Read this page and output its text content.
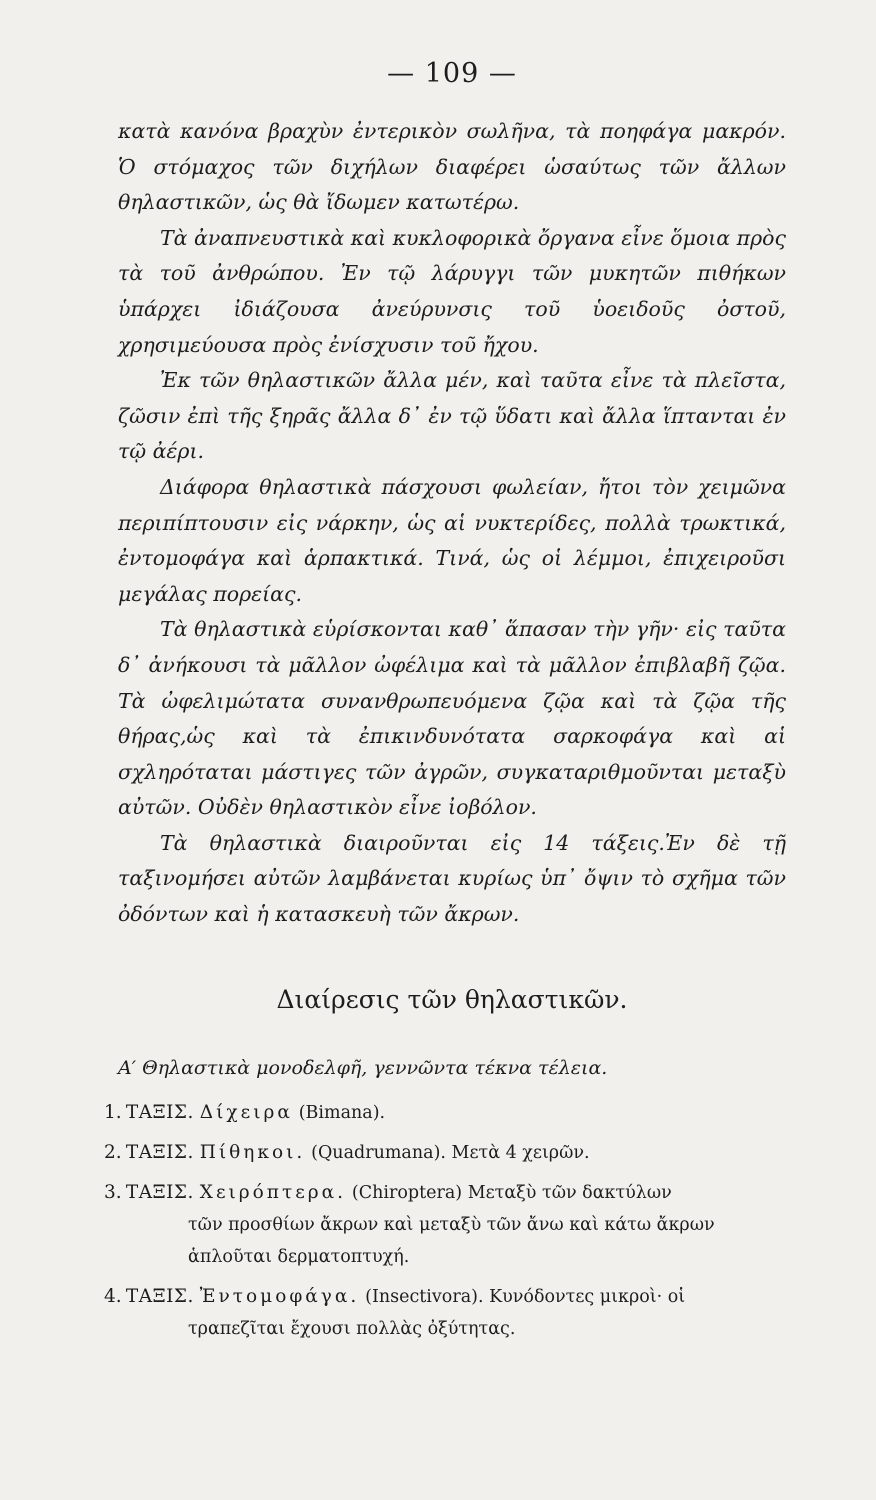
— 109 —

κατὰ κανόνα βραχὺν ἐντερικὸν σωλῆνα, τὰ ποηφάγα μακρόν. Ὁ στόμαχος τῶν διχήλων διαφέρει ὡσαύτως τῶν ἄλλων θηλαστικῶν, ὡς θὰ ἴδωμεν κατωτέρω.

Τὰ ἀναπνευστικὰ καὶ κυκλοφορικὰ ὄργανα εἶνε ὅμοια πρὸς τὰ τοῦ ἀνθρώπου. Ἐν τῷ λάρυγγι τῶν μυκητῶν πιθήκων ὑπάρχει ἰδιάζουσα ἀνεύρυνσις τοῦ ὑοειδοῦς ὀστοῦ, χρησιμεύουσα πρὸς ἐνίσχυσιν τοῦ ἤχου.

Ἐκ τῶν θηλαστικῶν ἄλλα μέν, καὶ ταῦτα εἶνε τὰ πλεῖστα, ζῶσιν ἐπὶ τῆς ξηρᾶς ἄλλα δ᾽ ἐν τῷ ὕδατι καὶ ἄλλα ἵπτανται ἐν τῷ ἀέρι.

Διάφορα θηλαστικὰ πάσχουσι φωλείαν, ἤτοι τὸν χειμῶνα περιπίπτουσιν εἰς νάρκην, ὡς αἱ νυκτερίδες, πολλὰ τρωκτικά, ἐντομοφάγα καὶ ἁρπακτικά. Τινά, ὡς οἱ λέμμοι, ἐπιχειροῦσι μεγάλας πορείας.

Τὰ θηλαστικὰ εὑρίσκονται καθ᾽ ἅπασαν τὴν γῆν· εἰς ταῦτα δ᾽ ἀνήκουσι τὰ μᾶλλον ὠφέλιμα καὶ τὰ μᾶλλον ἐπιβλαβῆ ζῷα. Τὰ ὠφελιμώτατα συνανθρωπευόμενα ζῷα καὶ τὰ ζῷα τῆς θήρας,ὡς καὶ τὰ ἐπικινδυνότατα σαρκοφάγα καὶ αἱ σχληρόταται μάστιγες τῶν ἀγρῶν, συγκαταριθμοῦνται μεταξὺ αὐτῶν. Οὐδὲν θηλαστικὸν εἶνε ἰοβόλον.

Τὰ θηλαστικὰ διαιροῦνται εἰς 14 τάξεις.Ἐν δὲ τῇ ταξινομήσει αὐτῶν λαμβάνεται κυρίως ὑπ᾽ ὄψιν τὸ σχῆμα τῶν ὀδόντων καὶ ἡ κατασκευὴ τῶν ἄκρων.

Διαίρεσις τῶν θηλαστικῶν.
Α′ Θηλαστικὰ μονοδελφῆ, γεννῶντα τέκνα τέλεια.
1. ΤΑΞΙΣ. Δίχειρα (Bimana).
2. ΤΑΞΙΣ. Πίθηκοι. (Quadrumana). Μετὰ 4 χειρῶν.
3. ΤΑΞΙΣ. Χειρόπτερα. (Chiroptera) Μεταξὺ τῶν δακτύλων
τῶν προσθίων ἄκρων καὶ μεταξὺ τῶν ἄνω καὶ κάτω ἄκρων ἁπλοῦται δερματοπτυχή.
4. ΤΑΞΙΣ. Ἐντομοφάγα. (Insectivora). Κυνόδοντες μικροὶ· οἱ
τραπεζῖται ἔχουσι πολλὰς ὀξύτητας.
